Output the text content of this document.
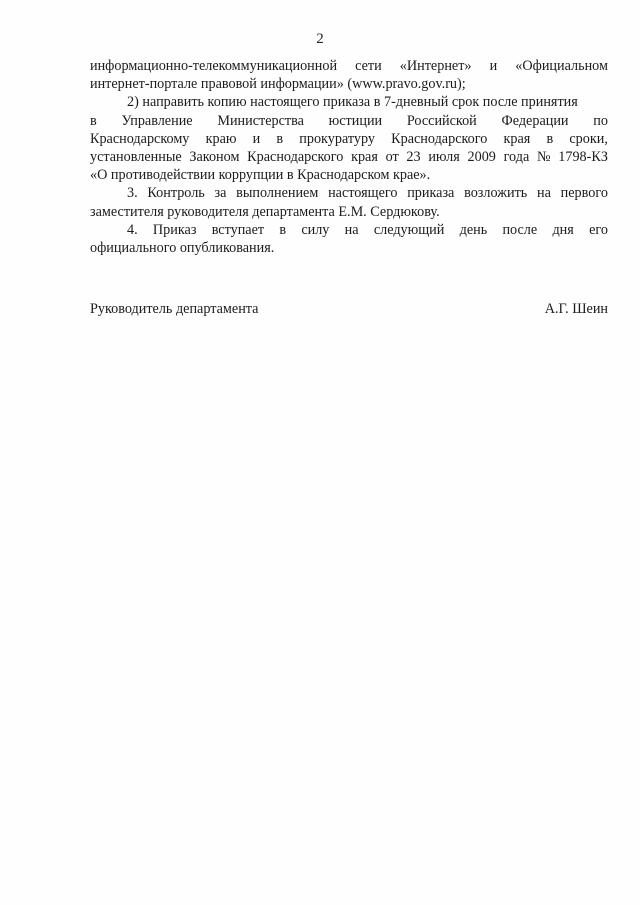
2
информационно-телекоммуникационной сети «Интернет» и «Официальном
интернет-портале правовой информации» (www.pravo.gov.ru);
2) направить копию настоящего приказа в 7-дневный срок после принятия
в Управление Министерства юстиции Российской Федерации по
Краснодарскому краю и в прокуратуру Краснодарского края в сроки,
установленные Законом Краснодарского края от 23 июля 2009 года № 1798-КЗ
«О противодействии коррупции в Краснодарском крае».
3. Контроль за выполнением настоящего приказа возложить на первого
заместителя руководителя департамента Е.М. Сердюкову.
4. Приказ вступает в силу на следующий день после дня его
официального опубликования.
Руководитель департамента	А.Г. Шеин
